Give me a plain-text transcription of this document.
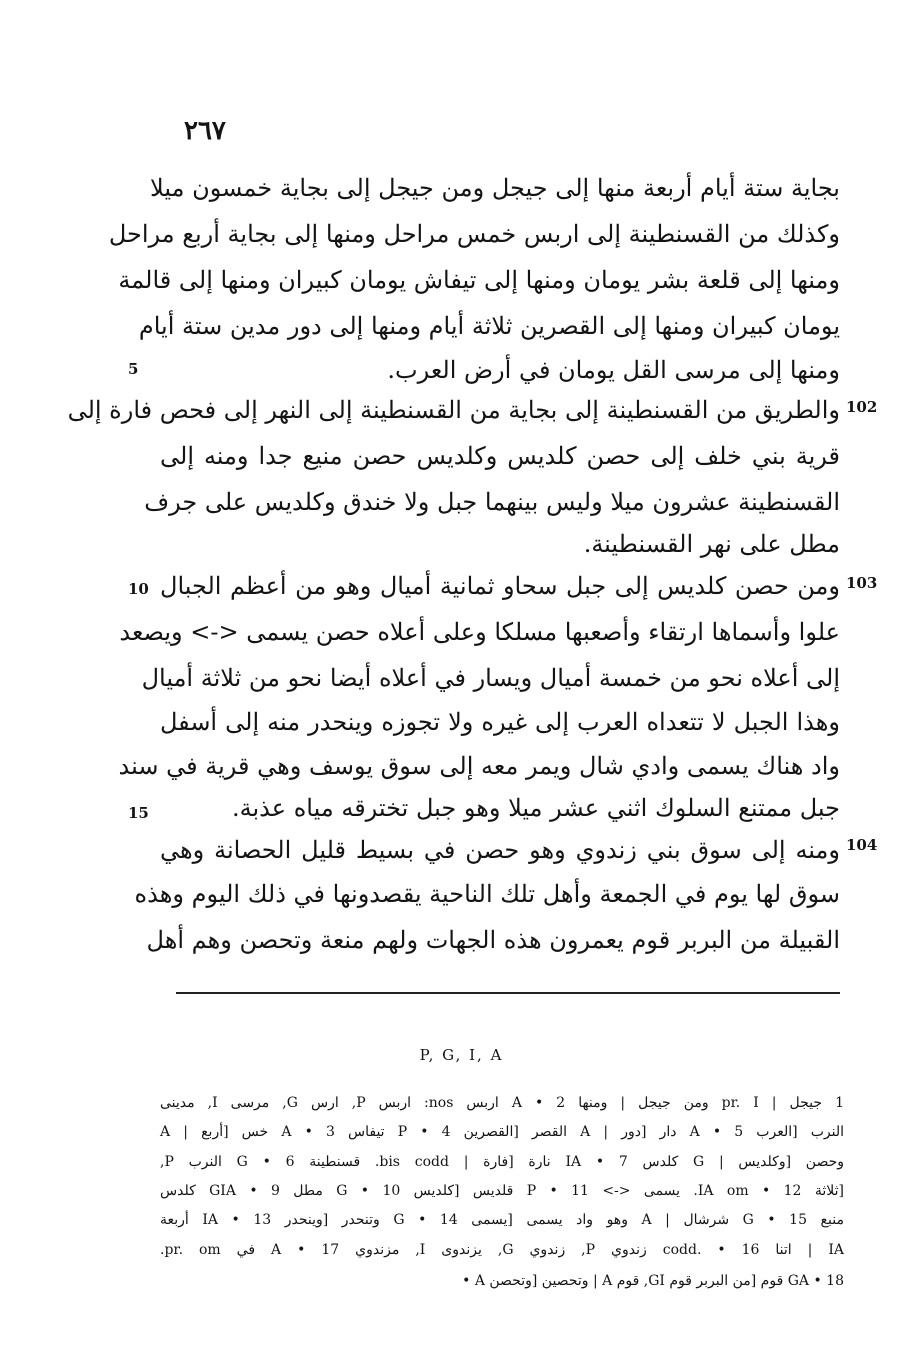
٢٦٧
بجاية ستة أيام أربعة منها إلى جيجل ومن جيجل إلى بجاية خمسون ميلا
وكذلك من القسنطينة إلى اربس خمس مراحل ومنها إلى بجاية أربع مراحل
ومنها إلى قلعة بشر يومان ومنها إلى تيفاش يومان كبيران ومنها إلى قالمة
يومان كبيران ومنها إلى القصرين ثلاثة أيام ومنها إلى دور مدين ستة أيام
ومنها إلى مرسى القل يومان في أرض العرب.
والطريق من القسنطينة إلى بجاية من القسنطينة إلى النهر إلى فحص فارة إلى
قرية بني خلف إلى حصن كلديس وكلديس حصن منيع جدا ومنه إلى
القسنطينة عشرون ميلا وليس بينهما جبل ولا خندق وكلديس على جرف
مطل على نهر القسنطينة.
ومن حصن كلديس إلى جبل سحاو ثمانية أميال وهو من أعظم الجبال
علوا وأسماها ارتقاء وأصعبها مسلكا وعلى أعلاه حصن يسمى <-> ويصعد
إلى أعلاه نحو من خمسة أميال ويسار في أعلاه أيضا نحو من ثلاثة أميال
وهذا الجبل لا تتعداه العرب إلى غيره ولا تجوزه وينحدر منه إلى أسفل
واد هناك يسمى وادي شال ويمر معه إلى سوق يوسف وهي قرية في سند
جبل ممتنع السلوك اثني عشر ميلا وهو جبل تخترقه مياه عذبة.
ومنه إلى سوق بني زندوي وهو حصن في بسيط قليل الحصانة وهي
سوق لها يوم في الجمعة وأهل تلك الناحية يقصدونها في ذلك اليوم وهذه
القبيلة من البربر قوم يعمرون هذه الجهات ولهم منعة وتحصن وهم أهل
102
103
104
5
10
15
P, G, I, A
1 جيجل | pr. I ومن جيجل | ومنها A • 2 اربس nos: اربس P, ارس G, مرسى I, مدينى
النرب [العرب 5 • A دار [دور | A القصر [القصرين 4 • P تيفاس 3 • A خس [أربع | A
وحصن [وكلديس | G كلدس 7 • IA نارة [فارة | bis codd. قسنطينة 6 • G النرب P,
[ثلاثة 12 • IA om. يسمى <-> 11 • P قلديس [كلديس 10 • G مطل 9 • GIA كلدس
منبع 15 • G شرشال | A وهو واد يسمى [يسمى 14 • G وتنحدر [وينحدر 13 • IA أربعة
IA | اتنا codd. • 16 زندوي P, زندوي G, يزندوى I, مزندوي A • 17 في pr. om.
GA • 18 قوم [من البربر قوم GI, قوم A | وتحصين [وتحصن A •
